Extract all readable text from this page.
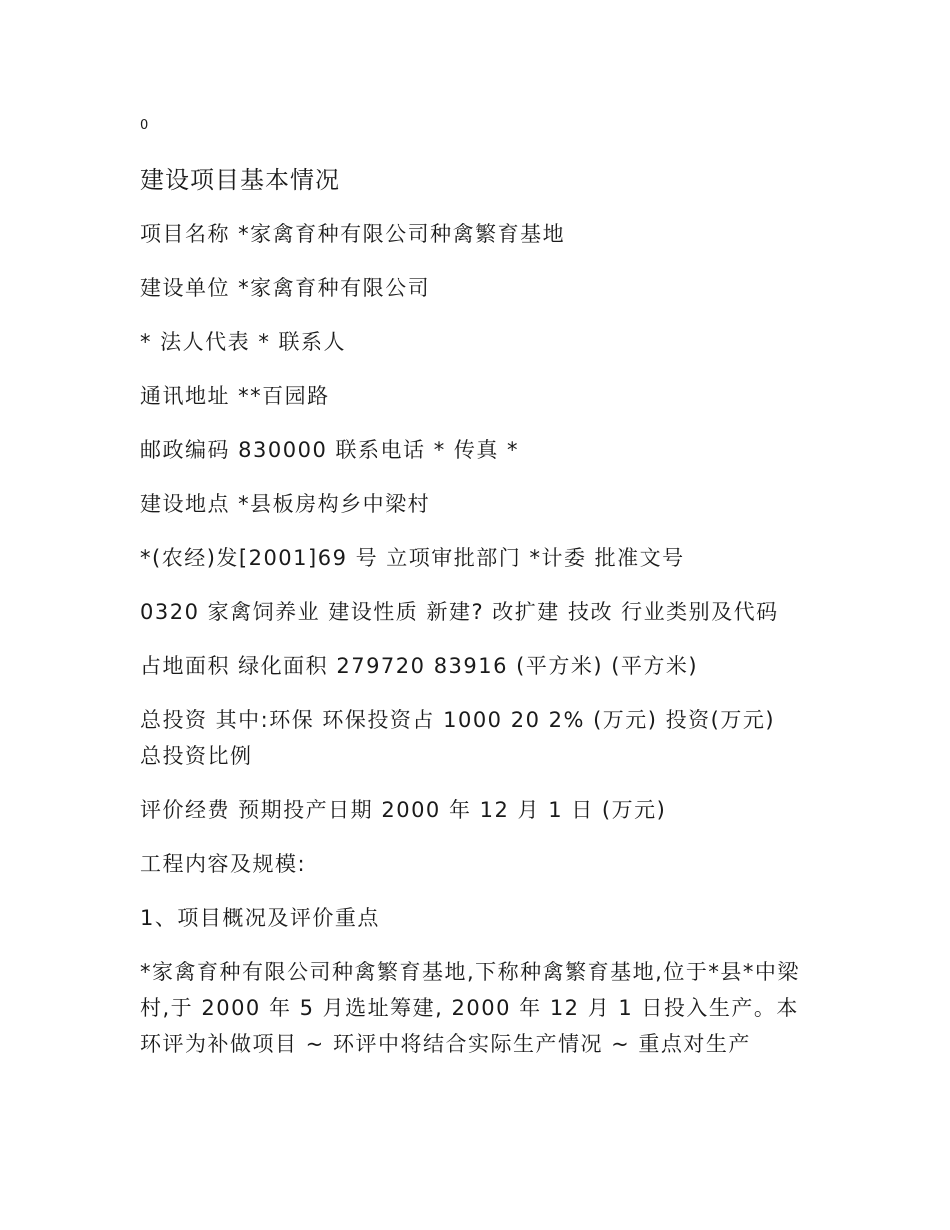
0
建设项目基本情况
项目名称 *家禽育种有限公司种禽繁育基地
建设单位 *家禽育种有限公司
* 法人代表 * 联系人
通讯地址 **百园路
邮政编码 830000 联系电话 * 传真 *
建设地点 *县板房构乡中梁村
*(农经)发[2001]69 号 立项审批部门 *计委 批准文号
0320 家禽饲养业 建设性质 新建? 改扩建 技改 行业类别及代码
占地面积 绿化面积 279720 83916 (平方米) (平方米)
总投资 其中:环保 环保投资占 1000 20 2% (万元) 投资(万元) 总投资比例
评价经费 预期投产日期 2000 年 12 月 1 日 (万元)
工程内容及规模:
1、项目概况及评价重点
*家禽育种有限公司种禽繁育基地,下称种禽繁育基地,位于*县*中梁村,于 2000 年 5 月选址筹建, 2000 年 12 月 1 日投入生产。本环评为补做项目 ~ 环评中将结合实际生产情况 ~ 重点对生产
